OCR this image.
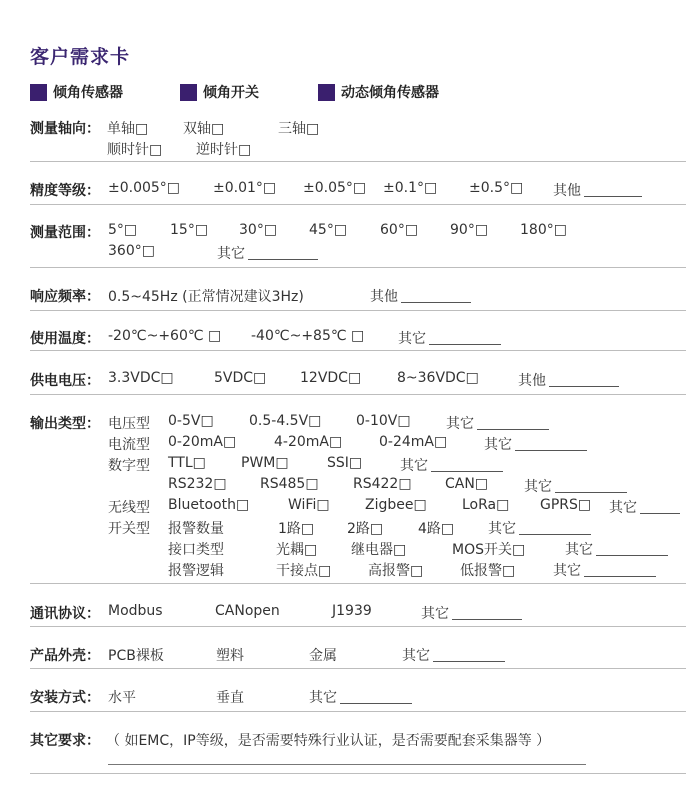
客户需求卡
倾角传感器	倾角开关	动态倾角传感器
测量轴向： 单轴□ 双轴□	三轴□
顺时针□ 逆时针□
精度等级： ±0.005°□ ±0.01°□ ±0.05°□ ±0.1°□ ±0.5°□ 其他
测量范围： 5°□ 15°□ 30°□ 45°□ 60°□ 90°□ 180°□
360°□	其它
响应频率： 0.5~45Hz (正常情况建议3Hz)	其他
使用温度： -20℃~+60℃ □ -40℃~+85℃ □ 其它
供电电压： 3.3VDC□	5VDC□ 12VDC□	8~36VDC□	其他
输出类型： 电压型 0-5V□	0.5-4.5V□ 0-10V□	其它
电流型 0-20mA□	4-20mA□	0-24mA□	其它
数字型 TTL□	PWM□	SSI□	其它
RS232□ RS485□ RS422□ CAN□	其它
无线型 Bluetooth□	WiFi□	Zigbee□	LoRa□ GPRS□ 其它
开关型 报警数量	1路□ 2路□ 4路□ 其它
接口类型	光耦□ 继电器□	MOS开关□	其它
报警逻辑	干接点□	高报警□	低报警□	其它
通讯协议： Modbus	CANopen	J1939	其它
产品外壳： PCB裸板	塑料	金属	其它
安装方式： 水平	垂直	其它
其它要求： （ 如EMC，IP等级，是否需要特殊行业认证，是否需要配套采集器等 ）
